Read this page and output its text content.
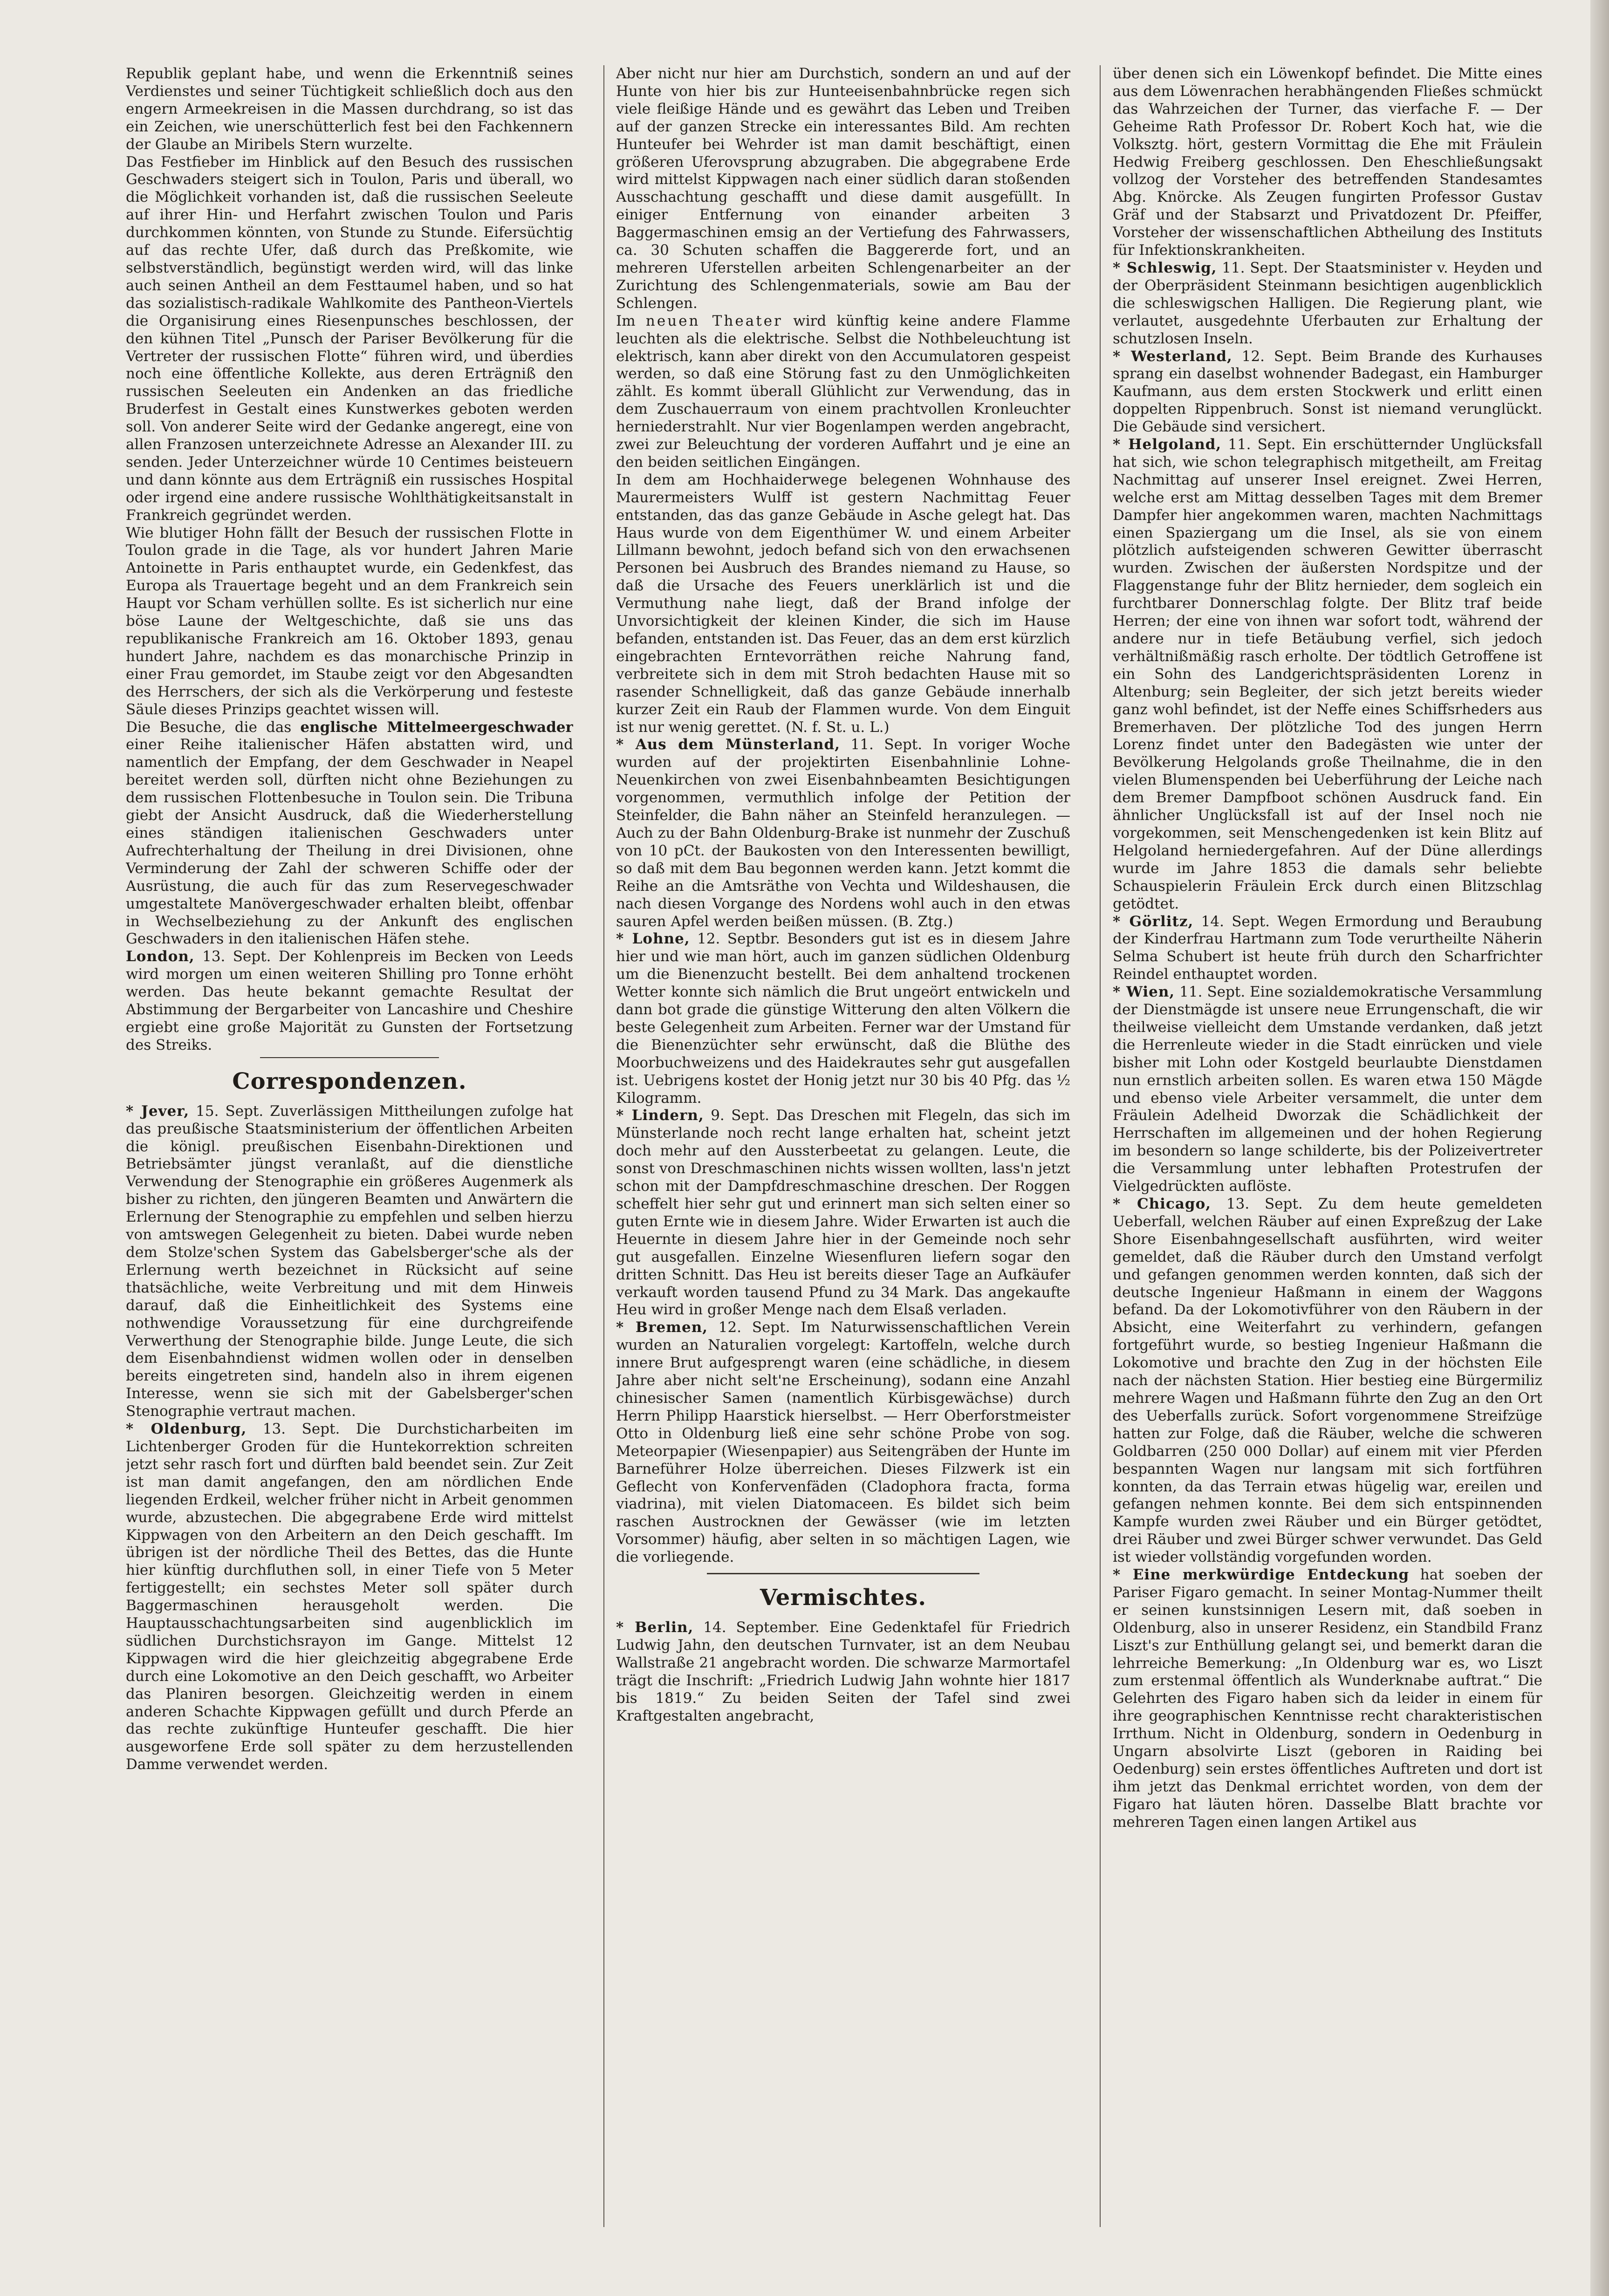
Republik geplant habe, und wenn die Erkenntniß seines Verdienstes und seiner Tüchtigkeit schließlich doch aus den engern Armeekreisen in die Massen durchdrang, so ist das ein Zeichen, wie unerschütterlich fest bei den Fachkennern der Glaube an Miribels Stern wurzelte.

Das Festfieber im Hinblick auf den Besuch des russischen Geschwaders steigert sich in Toulon, Paris und überall, wo die Möglichkeit vorhanden ist, daß die russischen Seeleute auf ihrer Hin- und Herfahrt zwischen Toulon und Paris durchkommen könnten, von Stunde zu Stunde. Eifersüchtig auf das rechte Ufer, daß durch das Preßkomite, wie selbstverständlich, begünstigt werden wird, will das linke auch seinen Antheil an dem Festtaumel haben, und so hat das sozialistisch-radikale Wahlkomite des Pantheon-Viertels die Organisirung eines Riesenpunsches beschlossen, der den kühnen Titel „Punsch der Pariser Bevölkerung für die Vertreter der russischen Flotte“ führen wird, und überdies noch eine öffentliche Kollekte, aus deren Erträgniß den russischen Seeleuten ein Andenken an das friedliche Bruderfest in Gestalt eines Kunstwerkes geboten werden soll. Von anderer Seite wird der Gedanke angeregt, eine von allen Franzosen unterzeichnete Adresse an Alexander III. zu senden. Jeder Unterzeichner würde 10 Centimes beisteuern und dann könnte aus dem Erträgniß ein russisches Hospital oder irgend eine andere russische Wohlthätigkeitsanstalt in Frankreich gegründet werden.

Wie blutiger Hohn fällt der Besuch der russischen Flotte in Toulon grade in die Tage, als vor hundert Jahren Marie Antoinette in Paris enthauptet wurde, ein Gedenkfest, das Europa als Trauertage begeht und an dem Frankreich sein Haupt vor Scham verhüllen sollte. Es ist sicherlich nur eine böse Laune der Weltgeschichte, daß sie uns das republikanische Frankreich am 16. Oktober 1893, genau hundert Jahre, nachdem es das monarchische Prinzip in einer Frau gemordet, im Staube zeigt vor den Abgesandten des Herrschers, der sich als die Verkörperung und festeste Säule dieses Prinzips geachtet wissen will.

Die Besuche, die das englische Mittelmeergeschwader einer Reihe italienischer Häfen abstatten wird, und namentlich der Empfang, der dem Geschwader in Neapel bereitet werden soll, dürften nicht ohne Beziehungen zu dem russischen Flottenbesuche in Toulon sein. Die Tribuna giebt der Ansicht Ausdruck, daß die Wiederherstellung eines ständigen italienischen Geschwaders unter Aufrechterhaltung der Theilung in drei Divisionen, ohne Verminderung der Zahl der schweren Schiffe oder der Ausrüstung, die auch für das zum Reservegeschwader umgestaltete Manövergeschwader erhalten bleibt, offenbar in Wechselbeziehung zu der Ankunft des englischen Geschwaders in den italienischen Häfen stehe.

London, 13. Sept. Der Kohlenpreis im Becken von Leeds wird morgen um einen weiteren Shilling pro Tonne erhöht werden. Das heute bekannt gemachte Resultat der Abstimmung der Bergarbeiter von Lancashire und Cheshire ergiebt eine große Majorität zu Gunsten der Fortsetzung des Streiks.

Correspondenzen.

* Jever, 15. Sept. Zuverlässigen Mittheilungen zufolge hat das preußische Staatsministerium der öffentlichen Arbeiten die königl. preußischen Eisenbahn-Direktionen und Betriebsämter jüngst veranlaßt, auf die dienstliche Verwendung der Stenographie ein größeres Augenmerk als bisher zu richten, den jüngeren Beamten und Anwärtern die Erlernung der Stenographie zu empfehlen und selben hierzu von amtswegen Gelegenheit zu bieten. Dabei wurde neben dem Stolze'schen System das Gabelsberger'sche als der Erlernung werth bezeichnet in Rücksicht auf seine thatsächliche, weite Verbreitung und mit dem Hinweis darauf, daß die Einheitlichkeit des Systems eine nothwendige Voraussetzung für eine durchgreifende Verwerthung der Stenographie bilde. Junge Leute, die sich dem Eisenbahndienst widmen wollen oder in denselben bereits eingetreten sind, handeln also in ihrem eigenen Interesse, wenn sie sich mit der Gabelsberger'schen Stenographie vertraut machen.

* Oldenburg, 13. Sept. Die Durchsticharbeiten im Lichtenberger Groden für die Huntekorrektion schreiten jetzt sehr rasch fort und dürften bald beendet sein. Zur Zeit ist man damit angefangen, den am nördlichen Ende liegenden Erdkeil, welcher früher nicht in Arbeit genommen wurde, abzustechen. Die abgegrabene Erde wird mittelst Kippwagen von den Arbeitern an den Deich geschafft. Im übrigen ist der nördliche Theil des Bettes, das die Hunte hier künftig durchfluthen soll, in einer Tiefe von 5 Meter fertiggestellt; ein sechstes Meter soll später durch Baggermaschinen herausgeholt werden. Die Hauptausschachtungsarbeiten sind augenblicklich im südlichen Durchstichsrayon im Gange. Mittelst 12 Kippwagen wird die hier gleichzeitig abgegrabene Erde durch eine Lokomotive an den Deich geschafft, wo Arbeiter das Planiren besorgen. Gleichzeitig werden in einem anderen Schachte Kippwagen gefüllt und durch Pferde an das rechte zukünftige Hunteufer geschafft. Die hier ausgeworfene Erde soll später zu dem herzustellenden Damme verwendet werden.

Aber nicht nur hier am Durchstich, sondern an und auf der Hunte von hier bis zur Hunteeisenbahnbrücke regen sich viele fleißige Hände und es gewährt das Leben und Treiben auf der ganzen Strecke ein interessantes Bild. Am rechten Hunteufer bei Wehrder ist man damit beschäftigt, einen größeren Uferovsprung abzugraben. Die abgegrabene Erde wird mittelst Kippwagen nach einer südlich daran stoßenden Ausschachtung geschafft und diese damit ausgefüllt. In einiger Entfernung von einander arbeiten 3 Baggermaschinen emsig an der Vertiefung des Fahrwassers, ca. 30 Schuten schaffen die Baggererde fort, und an mehreren Uferstellen arbeiten Schlengenarbeiter an der Zurichtung des Schlengenmaterials, sowie am Bau der Schlengen.

Im neuen Theater wird künftig keine andere Flamme leuchten als die elektrische. Selbst die Nothbeleuchtung ist elektrisch, kann aber direkt von den Accumulatoren gespeist werden, so daß eine Störung fast zu den Unmöglichkeiten zählt. Es kommt überall Glühlicht zur Verwendung, das in dem Zuschauerraum von einem prachtvollen Kronleuchter herniederstrahlt. Nur vier Bogenlampen werden angebracht, zwei zur Beleuchtung der vorderen Auffahrt und je eine an den beiden seitlichen Eingängen.

In dem am Hochhaiderwege belegenen Wohnhause des Maurermeisters Wulff ist gestern Nachmittag Feuer entstanden, das das ganze Gebäude in Asche gelegt hat. Das Haus wurde von dem Eigenthümer W. und einem Arbeiter Lillmann bewohnt, jedoch befand sich von den erwachsenen Personen bei Ausbruch des Brandes niemand zu Hause, so daß die Ursache des Feuers unerklärlich ist und die Vermuthung nahe liegt, daß der Brand infolge der Unvorsichtigkeit der kleinen Kinder, die sich im Hause befanden, entstanden ist. Das Feuer, das an dem erst kürzlich eingebrachten Erntevorräthen reiche Nahrung fand, verbreitete sich in dem mit Stroh bedachten Hause mit so rasender Schnelligkeit, daß das ganze Gebäude innerhalb kurzer Zeit ein Raub der Flammen wurde. Von dem Einguit ist nur wenig gerettet. (N. f. St. u. L.)

* Aus dem Münsterland, 11. Sept. In voriger Woche wurden auf der projektirten Eisenbahnlinie Lohne-Neuenkirchen von zwei Eisenbahnbeamten Besichtigungen vorgenommen, vermuthlich infolge der Petition der Steinfelder, die Bahn näher an Steinfeld heranzulegen. — Auch zu der Bahn Oldenburg-Brake ist nunmehr der Zuschuß von 10 pCt. der Baukosten von den Interessenten bewilligt, so daß mit dem Bau begonnen werden kann. Jetzt kommt die Reihe an die Amtsräthe von Vechta und Wildeshausen, die nach diesen Vorgange des Nordens wohl auch in den etwas sauren Apfel werden beißen müssen. (B. Ztg.)

* Lohne, 12. Septbr. Besonders gut ist es in diesem Jahre hier und wie man hört, auch im ganzen südlichen Oldenburg um die Bienenzucht bestellt. Bei dem anhaltend trockenen Wetter konnte sich nämlich die Brut ungeört entwickeln und dann bot grade die günstige Witterung den alten Völkern die beste Gelegenheit zum Arbeiten. Ferner war der Umstand für die Bienenzüchter sehr erwünscht, daß die Blüthe des Moorbuchweizens und des Haidekrautes sehr gut ausgefallen ist. Uebrigens kostet der Honig jetzt nur 30 bis 40 Pfg. das ½ Kilogramm.

* Lindern, 9. Sept. Das Dreschen mit Flegeln, das sich im Münsterlande noch recht lange erhalten hat, scheint jetzt doch mehr auf den Aussterbeetat zu gelangen. Leute, die sonst von Dreschmaschinen nichts wissen wollten, lass'n jetzt schon mit der Dampfdreschmaschine dreschen. Der Roggen scheffelt hier sehr gut und erinnert man sich selten einer so guten Ernte wie in diesem Jahre. Wider Erwarten ist auch die Heuernte in diesem Jahre hier in der Gemeinde noch sehr gut ausgefallen. Einzelne Wiesenfluren liefern sogar den dritten Schnitt. Das Heu ist bereits dieser Tage an Aufkäufer verkauft worden tausend Pfund zu 34 Mark. Das angekaufte Heu wird in großer Menge nach dem Elsaß verladen.

* Bremen, 12. Sept. Im Naturwissenschaftlichen Verein wurden an Naturalien vorgelegt: Kartoffeln, welche durch innere Brut aufgesprengt waren (eine schädliche, in diesem Jahre aber nicht selt'ne Erscheinung), sodann eine Anzahl chinesischer Samen (namentlich Kürbisgewächse) durch Herrn Philipp Haarstick hierselbst. — Herr Oberforstmeister Otto in Oldenburg ließ eine sehr schöne Probe von sog. Meteorpapier (Wiesenpapier) aus Seitengräben der Hunte im Barneführer Holze überreichen. Dieses Filzwerk ist ein Geflecht von Konfervenfäden (Cladophora fracta, forma viadrina), mit vielen Diatomaceen. Es bildet sich beim raschen Austrocknen der Gewässer (wie im letzten Vorsommer) häufig, aber selten in so mächtigen Lagen, wie die vorliegende.

Vermischtes.

* Berlin, 14. September. Eine Gedenktafel für Friedrich Ludwig Jahn, den deutschen Turnvater, ist an dem Neubau Wallstraße 21 angebracht worden. Die schwarze Marmortafel trägt die Inschrift: „Friedrich Ludwig Jahn wohnte hier 1817 bis 1819.“ Zu beiden Seiten der Tafel sind zwei Kraftgestalten angebracht,

über denen sich ein Löwenkopf befindet. Die Mitte eines aus dem Löwenrachen herabhängenden Fließes schmückt das Wahrzeichen der Turner, das vierfache F. — Der Geheime Rath Professor Dr. Robert Koch hat, wie die Volksztg. hört, gestern Vormittag die Ehe mit Fräulein Hedwig Freiberg geschlossen. Den Eheschließungsakt vollzog der Vorsteher des betreffenden Standesamtes Abg. Knörcke. Als Zeugen fungirten Professor Gustav Gräf und der Stabsarzt und Privatdozent Dr. Pfeiffer, Vorsteher der wissenschaftlichen Abtheilung des Instituts für Infektionskrankheiten.

* Schleswig, 11. Sept. Der Staatsminister v. Heyden und der Oberpräsident Steinmann besichtigen augenblicklich die schleswigschen Halligen. Die Regierung plant, wie verlautet, ausgedehnte Uferbauten zur Erhaltung der schutzlosen Inseln.

* Westerland, 12. Sept. Beim Brande des Kurhauses sprang ein daselbst wohnender Badegast, ein Hamburger Kaufmann, aus dem ersten Stockwerk und erlitt einen doppelten Rippenbruch. Sonst ist niemand verunglückt. Die Gebäude sind versichert.

* Helgoland, 11. Sept. Ein erschütternder Unglücksfall hat sich, wie schon telegraphisch mitgetheilt, am Freitag Nachmittag auf unserer Insel ereignet. Zwei Herren, welche erst am Mittag desselben Tages mit dem Bremer Dampfer hier angekommen waren, machten Nachmittags einen Spaziergang um die Insel, als sie von einem plötzlich aufsteigenden schweren Gewitter überrascht wurden. Zwischen der äußersten Nordspitze und der Flaggenstange fuhr der Blitz hernieder, dem sogleich ein furchtbarer Donnerschlag folgte. Der Blitz traf beide Herren; der eine von ihnen war sofort todt, während der andere nur in tiefe Betäubung verfiel, sich jedoch verhältnißmäßig rasch erholte. Der tödtlich Getroffene ist ein Sohn des Landgerichtspräsidenten Lorenz in Altenburg; sein Begleiter, der sich jetzt bereits wieder ganz wohl befindet, ist der Neffe eines Schiffsrheders aus Bremerhaven. Der plötzliche Tod des jungen Herrn Lorenz findet unter den Badegästen wie unter der Bevölkerung Helgolands große Theilnahme, die in den vielen Blumenspenden bei Ueberführung der Leiche nach dem Bremer Dampfboot schönen Ausdruck fand. Ein ähnlicher Unglücksfall ist auf der Insel noch nie vorgekommen, seit Menschengedenken ist kein Blitz auf Helgoland herniedergefahren. Auf der Düne allerdings wurde im Jahre 1853 die damals sehr beliebte Schauspielerin Fräulein Erck durch einen Blitzschlag getödtet.

* Görlitz, 14. Sept. Wegen Ermordung und Beraubung der Kinderfrau Hartmann zum Tode verurtheilte Näherin Selma Schubert ist heute früh durch den Scharfrichter Reindel enthauptet worden.

* Wien, 11. Sept. Eine sozialdemokratische Versammlung der Dienstmägde ist unsere neue Errungenschaft, die wir theilweise vielleicht dem Umstande verdanken, daß jetzt die Herrenleute wieder in die Stadt einrücken und viele bisher mit Lohn oder Kostgeld beurlaubte Dienstdamen nun ernstlich arbeiten sollen. Es waren etwa 150 Mägde und ebenso viele Arbeiter versammelt, die unter dem Fräulein Adelheid Dworzak die Schädlichkeit der Herrschaften im allgemeinen und der hohen Regierung im besondern so lange schilderte, bis der Polizeivertreter die Versammlung unter lebhaften Protestrufen der Vielgedrückten auflöste.

* Chicago, 13. Sept. Zu dem heute gemeldeten Ueberfall, welchen Räuber auf einen Expreßzug der Lake Shore Eisenbahngesellschaft ausführten, wird weiter gemeldet, daß die Räuber durch den Umstand verfolgt und gefangen genommen werden konnten, daß sich der deutsche Ingenieur Haßmann in einem der Waggons befand. Da der Lokomotivführer von den Räubern in der Absicht, eine Weiterfahrt zu verhindern, gefangen fortgeführt wurde, so bestieg Ingenieur Haßmann die Lokomotive und brachte den Zug in der höchsten Eile nach der nächsten Station. Hier bestieg eine Bürgermiliz mehrere Wagen und Haßmann führte den Zug an den Ort des Ueberfalls zurück. Sofort vorgenommene Streifzüge hatten zur Folge, daß die Räuber, welche die schweren Goldbarren (250 000 Dollar) auf einem mit vier Pferden bespannten Wagen nur langsam mit sich fortführen konnten, da das Terrain etwas hügelig war, ereilen und gefangen nehmen konnte. Bei dem sich entspinnenden Kampfe wurden zwei Räuber und ein Bürger getödtet, drei Räuber und zwei Bürger schwer verwundet. Das Geld ist wieder vollständig vorgefunden worden.

* Eine merkwürdige Entdeckung hat soeben der Pariser Figaro gemacht. In seiner Montag-Nummer theilt er seinen kunstsinnigen Lesern mit, daß soeben in Oldenburg, also in unserer Residenz, ein Standbild Franz Liszt's zur Enthüllung gelangt sei, und bemerkt daran die lehrreiche Bemerkung: „In Oldenburg war es, wo Liszt zum erstenmal öffentlich als Wunderknabe auftrat.“ Die Gelehrten des Figaro haben sich da leider in einem für ihre geographischen Kenntnisse recht charakteristischen Irrthum. Nicht in Oldenburg, sondern in Oedenburg in Ungarn absolvirte Liszt (geboren in Raiding bei Oedenburg) sein erstes öffentliches Auftreten und dort ist ihm jetzt das Denkmal errichtet worden, von dem der Figaro hat läuten hören. Dasselbe Blatt brachte vor mehreren Tagen einen langen Artikel aus
